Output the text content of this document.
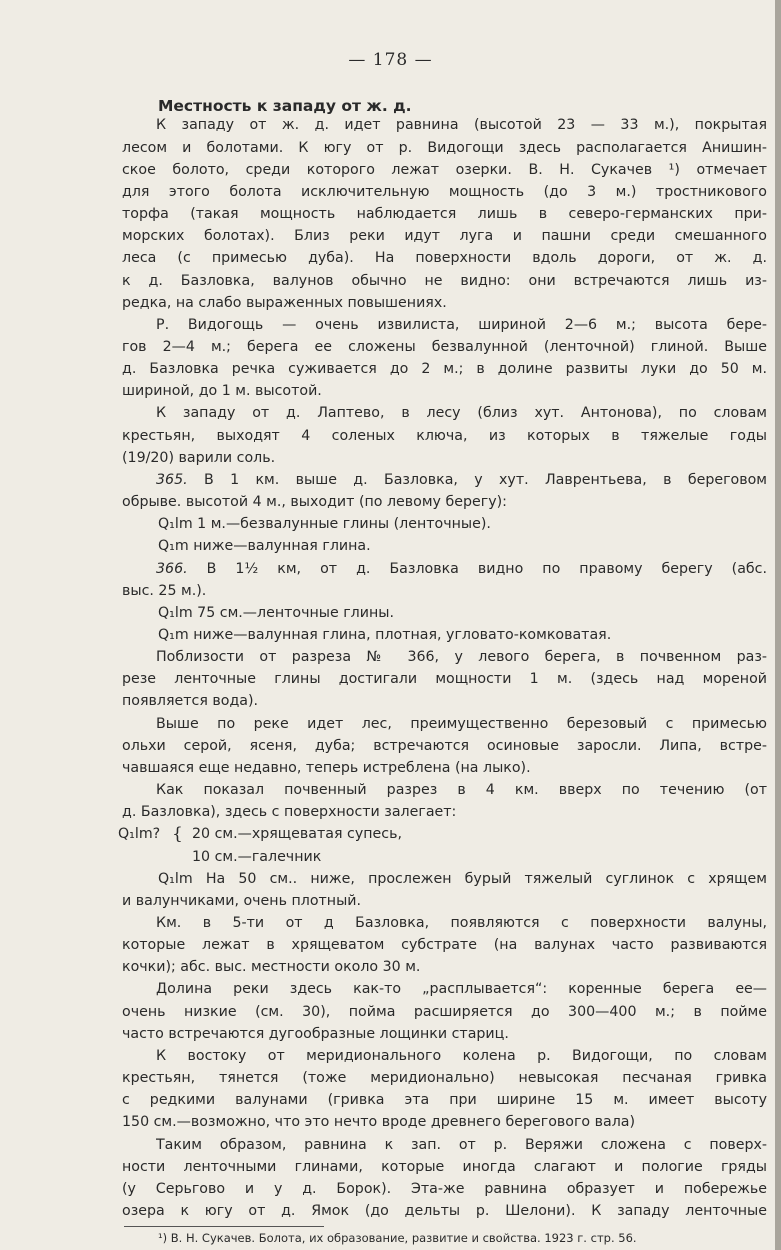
— 178 —
Местность к западу от ж. д.

К западу от ж. д. идет равнина (высотой 23 — 33 м.), покрытая

лесом и болотами. К югу от р. Видогощи здесь располагается Анишин-

ское болото, среди которого лежат озерки. В. Н. Сукачев ¹) отмечает

для этого болота исключительную мощность (до 3 м.) тростникового

торфа (такая мощность наблюдается лишь в северо-германских при-

морских болотах). Близ реки идут луга и пашни среди смешанного

леса (с примесью дуба). На поверхности вдоль дороги, от ж. д.

к д. Базловка, валунов обычно не видно: они встречаются лишь из-

редка, на слабо выраженных повышениях.

Р. Видогощь — очень извилиста, шириной 2—6 м.; высота бере-

гов 2—4 м.; берега ее сложены безвалунной (ленточной) глиной. Выше

д. Базловка речка суживается до 2 м.; в долине развиты луки до 50 м.

шириной, до 1 м. высотой.

К западу от д. Лаптево, в лесу (близ хут. Антонова), по словам

крестьян, выходят 4 соленых ключа, из которых в тяжелые годы

(19/20) варили соль.

365. В 1 км. выше д. Базловка, у хут. Лаврентьева, в береговом

обрыве. высотой 4 м., выходит (по левому берегу):

Q₁lm 1 м.—безвалунные глины (ленточные).

Q₁m ниже—валунная глина.

366. В 1½ км, от д. Базловка видно по правому берегу (абс.

выс. 25 м.).

Q₁lm 75 см.—ленточные глины.

Q₁m ниже—валунная глина, плотная, угловато-комковатая.

Поблизости от разреза № 366, у левого берега, в почвенном раз-

резе ленточные глины достигали мощности 1 м. (здесь над мореной

появляется вода).

Выше по реке идет лес, преимущественно березовый с примесью

ольхи серой, ясеня, дуба; встречаются осиновые заросли. Липа, встре-

чавшаяся еще недавно, теперь истреблена (на лыко).

Как показал почвенный разрез в 4 км. вверх по течению (от

д. Базловка), здесь с поверхности залегает:

Q₁lm? { 20 см.—хрящеватая супесь,

10 см.—галечник

Q₁lm На 50 см.. ниже, прослежен бурый тяжелый суглинок с хрящем

и валунчиками, очень плотный.

Км. в 5-ти от д Базловка, появляются с поверхности валуны,

которые лежат в хрящеватом субстрате (на валунах часто развиваются

кочки); абс. выс. местности около 30 м.

Долина реки здесь как-то „расплывается“: коренные берега ее—

очень низкие (см. 30), пойма расширяется до 300—400 м.; в пойме

часто встречаются дугообразные лощинки стариц.

К востоку от меридионального колена р. Видогощи, по словам

крестьян, тянется (тоже меридионально) невысокая песчаная гривка

с редкими валунами (гривка эта при ширине 15 м. имеет высоту

150 см.—возможно, что это нечто вроде древнего берегового вала)

Таким образом, равнина к зап. от р. Веряжи сложена с поверх-

ности ленточными глинами, которые иногда слагают и пологие гряды

(у Серьгово и у д. Борок). Эта-же равнина образует и побережье

озера к югу от д. Ямок (до дельты р. Шелони). К западу ленточные

¹) В. Н. Сукачев. Болота, их образование, развитие и свойства. 1923 г. стр. 56.
